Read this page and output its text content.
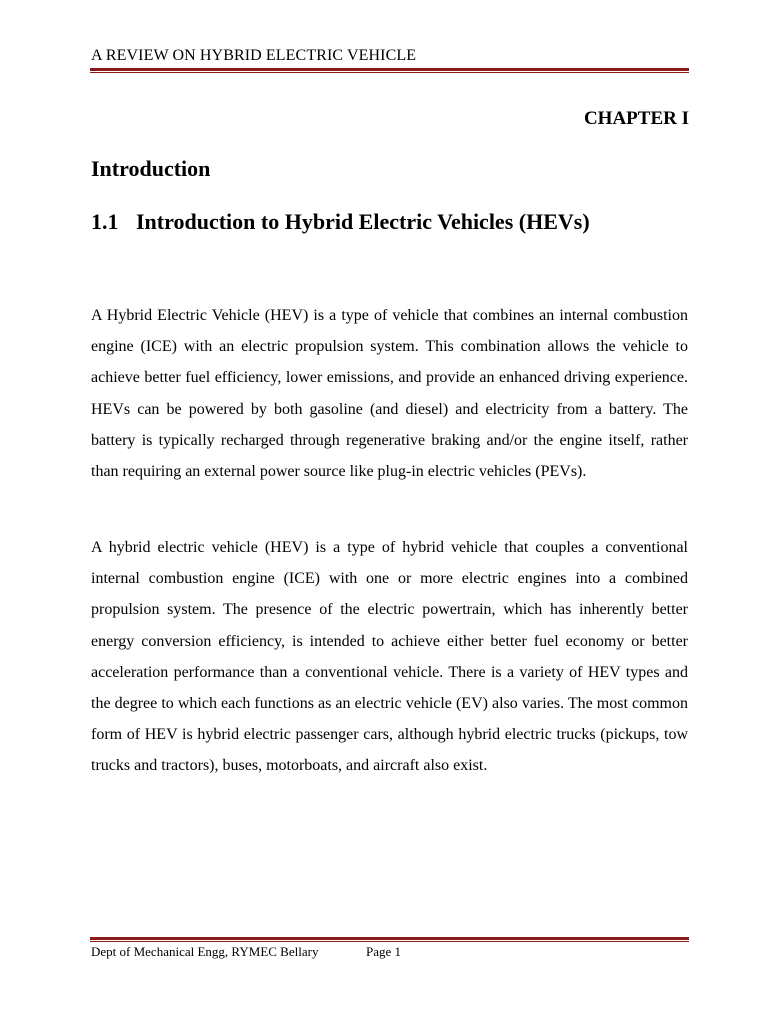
A REVIEW ON HYBRID ELECTRIC VEHICLE
CHAPTER I
Introduction
1.1 Introduction to Hybrid Electric Vehicles (HEVs)

A Hybrid Electric Vehicle (HEV) is a type of vehicle that combines an internal combustion engine (ICE) with an electric propulsion system. This combination allows the vehicle to achieve better fuel efficiency, lower emissions, and provide an enhanced driving experience. HEVs can be powered by both gasoline (and diesel) and electricity from a battery. The battery is typically recharged through regenerative braking and/or the engine itself, rather than requiring an external power source like plug-in electric vehicles (PEVs).

A hybrid electric vehicle (HEV) is a type of hybrid vehicle that couples a conventional internal combustion engine (ICE) with one or more electric engines into a combined propulsion system. The presence of the electric powertrain, which has inherently better energy conversion efficiency, is intended to achieve either better fuel economy or better acceleration performance than a conventional vehicle. There is a variety of HEV types and the degree to which each functions as an electric vehicle (EV) also varies. The most common form of HEV is hybrid electric passenger cars, although hybrid electric trucks (pickups, tow trucks and tractors), buses, motorboats, and aircraft also exist.

Dept of Mechanical Engg, RYMEC Bellary	Page 1
